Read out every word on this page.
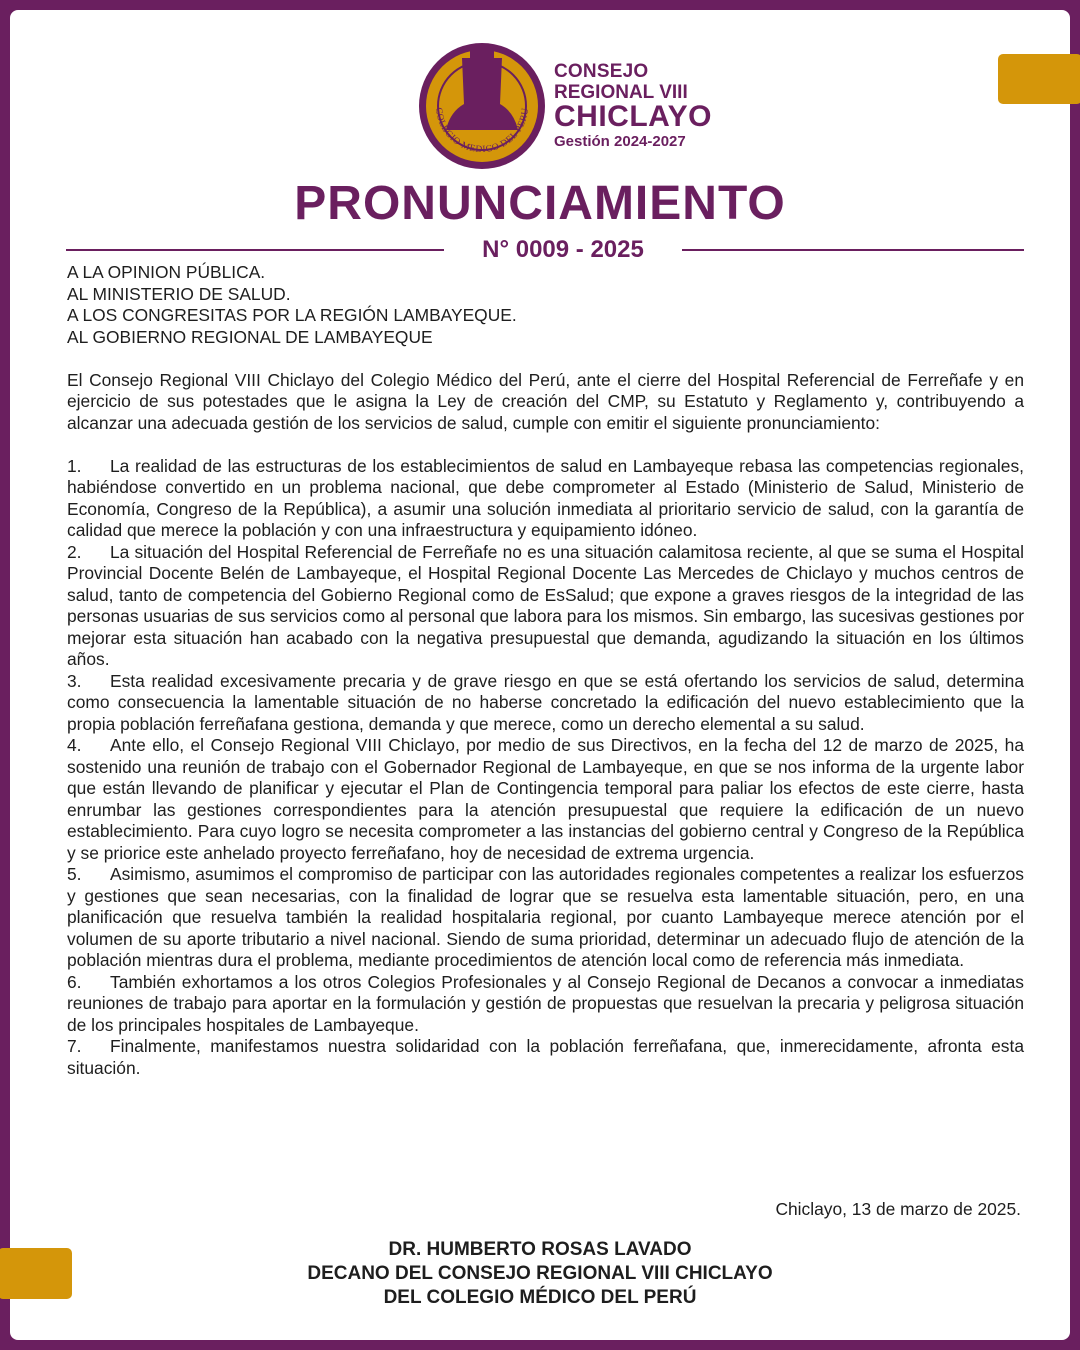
COLEGIO MEDICO DEL PERU
CONSEJO
REGIONAL VIII
CHICLAYO
Gestión 2024-2027
PRONUNCIAMIENTO
N° 0009 - 2025
A LA OPINION PÚBLICA.
AL MINISTERIO DE SALUD.
A LOS CONGRESITAS POR LA REGIÓN LAMBAYEQUE.
AL GOBIERNO REGIONAL DE LAMBAYEQUE

El Consejo Regional VIII Chiclayo del Colegio Médico del Perú, ante el cierre del Hospital Referencial de Ferreñafe y en ejercicio de sus potestades que le asigna la Ley de creación del CMP, su Estatuto y Reglamento y, contribuyendo a alcanzar una adecuada gestión de los servicios de salud, cumple con emitir el siguiente pronunciamiento:

1. La realidad de las estructuras de los establecimientos de salud en Lambayeque rebasa las competencias regionales, habiéndose convertido en un problema nacional, que debe comprometer al Estado (Ministerio de Salud, Ministerio de Economía, Congreso de la República), a asumir una solución inmediata al prioritario servicio de salud, con la garantía de calidad que merece la población y con una infraestructura y equipamiento idóneo.

2. La situación del Hospital Referencial de Ferreñafe no es una situación calamitosa reciente, al que se suma el Hospital Provincial Docente Belén de Lambayeque, el Hospital Regional Docente Las Mercedes de Chiclayo y muchos centros de salud, tanto de competencia del Gobierno Regional como de EsSalud; que expone a graves riesgos de la integridad de las personas usuarias de sus servicios como al personal que labora para los mismos. Sin embargo, las sucesivas gestiones por mejorar esta situación han acabado con la negativa presupuestal que demanda, agudizando la situación en los últimos años.

3. Esta realidad excesivamente precaria y de grave riesgo en que se está ofertando los servicios de salud, determina como consecuencia la lamentable situación de no haberse concretado la edificación del nuevo establecimiento que la propia población ferreñafana gestiona, demanda y que merece, como un derecho elemental a su salud.

4. Ante ello, el Consejo Regional VIII Chiclayo, por medio de sus Directivos, en la fecha del 12 de marzo de 2025, ha sostenido una reunión de trabajo con el Gobernador Regional de Lambayeque, en que se nos informa de la urgente labor que están llevando de planificar y ejecutar el Plan de Contingencia temporal para paliar los efectos de este cierre, hasta enrumbar las gestiones correspondientes para la atención presupuestal que requiere la edificación de un nuevo establecimiento. Para cuyo logro se necesita comprometer a las instancias del gobierno central y Congreso de la República y se priorice este anhelado proyecto ferreñafano, hoy de necesidad de extrema urgencia.

5. Asimismo, asumimos el compromiso de participar con las autoridades regionales competentes a realizar los esfuerzos y gestiones que sean necesarias, con la finalidad de lograr que se resuelva esta lamentable situación, pero, en una planificación que resuelva también la realidad hospitalaria regional, por cuanto Lambayeque merece atención por el volumen de su aporte tributario a nivel nacional. Siendo de suma prioridad, determinar un adecuado flujo de atención de la población mientras dura el problema, mediante procedimientos de atención local como de referencia más inmediata.

6. También exhortamos a los otros Colegios Profesionales y al Consejo Regional de Decanos a convocar a inmediatas reuniones de trabajo para aportar en la formulación y gestión de propuestas que resuelvan la precaria y peligrosa situación de los principales hospitales de Lambayeque.

7. Finalmente, manifestamos nuestra solidaridad con la población ferreñafana, que, inmerecidamente, afronta esta situación.

Chiclayo, 13 de marzo de 2025.
DR. HUMBERTO ROSAS LAVADO
DECANO DEL CONSEJO REGIONAL VIII CHICLAYO
DEL COLEGIO MÉDICO DEL PERÚ
